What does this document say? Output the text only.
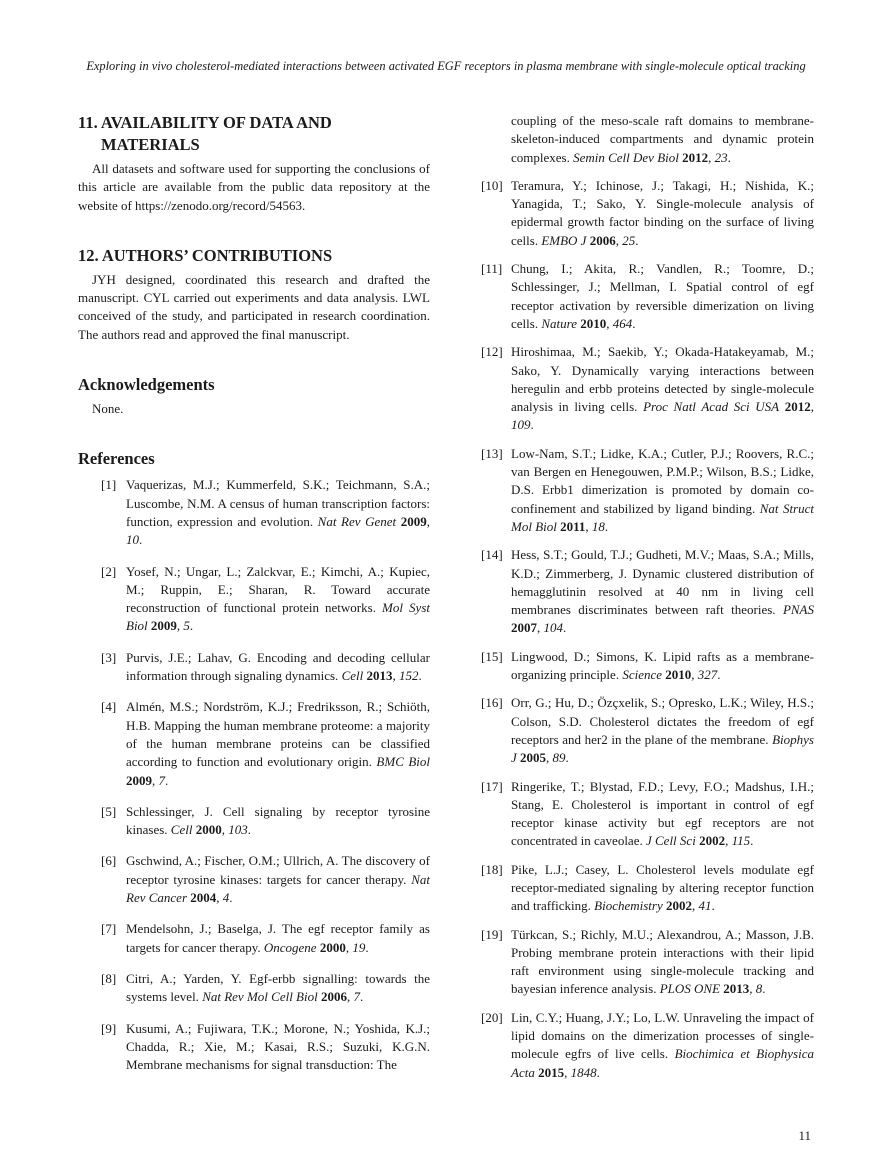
Exploring in vivo cholesterol-mediated interactions between activated EGF receptors in plasma membrane with single-molecule optical tracking
11. AVAILABILITY OF DATA AND MATERIALS

All datasets and software used for supporting the conclusions of this article are available from the public data repository at the website of https://zenodo.org/record/54563.

12. AUTHORS’ CONTRIBUTIONS

JYH designed, coordinated this research and drafted the manuscript. CYL carried out experiments and data analysis. LWL conceived of the study, and participated in research coordination. The authors read and approved the final manuscript.

Acknowledgements

None.

References
[1] Vaquerizas, M.J.; Kummerfeld, S.K.; Teichmann, S.A.; Luscombe, N.M. A census of human transcription factors: function, expression and evolution. Nat Rev Genet 2009, 10.
[2] Yosef, N.; Ungar, L.; Zalckvar, E.; Kimchi, A.; Kupiec, M.; Ruppin, E.; Sharan, R. Toward accurate reconstruction of functional protein networks. Mol Syst Biol 2009, 5.
[3] Purvis, J.E.; Lahav, G. Encoding and decoding cellular information through signaling dynamics. Cell 2013, 152.
[4] Almén, M.S.; Nordström, K.J.; Fredriksson, R.; Schiöth, H.B. Mapping the human membrane proteome: a majority of the human membrane proteins can be classified according to function and evolutionary origin. BMC Biol 2009, 7.
[5] Schlessinger, J. Cell signaling by receptor tyrosine kinases. Cell 2000, 103.
[6] Gschwind, A.; Fischer, O.M.; Ullrich, A. The discovery of receptor tyrosine kinases: targets for cancer therapy. Nat Rev Cancer 2004, 4.
[7] Mendelsohn, J.; Baselga, J. The egf receptor family as targets for cancer therapy. Oncogene 2000, 19.
[8] Citri, A.; Yarden, Y. Egf-erbb signalling: towards the systems level. Nat Rev Mol Cell Biol 2006, 7.
[9] Kusumi, A.; Fujiwara, T.K.; Morone, N.; Yoshida, K.J.; Chadda, R.; Xie, M.; Kasai, R.S.; Suzuki, K.G.N. Membrane mechanisms for signal transduction: The
coupling of the meso-scale raft domains to membrane-skeleton-induced compartments and dynamic protein complexes. Semin Cell Dev Biol 2012, 23.
[10] Teramura, Y.; Ichinose, J.; Takagi, H.; Nishida, K.; Yanagida, T.; Sako, Y. Single-molecule analysis of epidermal growth factor binding on the surface of living cells. EMBO J 2006, 25.
[11] Chung, I.; Akita, R.; Vandlen, R.; Toomre, D.; Schlessinger, J.; Mellman, I. Spatial control of egf receptor activation by reversible dimerization on living cells. Nature 2010, 464.
[12] Hiroshimaa, M.; Saekib, Y.; Okada-Hatakeyamab, M.; Sako, Y. Dynamically varying interactions between heregulin and erbb proteins detected by single-molecule analysis in living cells. Proc Natl Acad Sci USA 2012, 109.
[13] Low-Nam, S.T.; Lidke, K.A.; Cutler, P.J.; Roovers, R.C.; van Bergen en Henegouwen, P.M.P.; Wilson, B.S.; Lidke, D.S. Erbb1 dimerization is promoted by domain co-confinement and stabilized by ligand binding. Nat Struct Mol Biol 2011, 18.
[14] Hess, S.T.; Gould, T.J.; Gudheti, M.V.; Maas, S.A.; Mills, K.D.; Zimmerberg, J. Dynamic clustered distribution of hemagglutinin resolved at 40 nm in living cell membranes discriminates between raft theories. PNAS 2007, 104.
[15] Lingwood, D.; Simons, K. Lipid rafts as a membrane-organizing principle. Science 2010, 327.
[16] Orr, G.; Hu, D.; Özçxelik, S.; Opresko, L.K.; Wiley, H.S.; Colson, S.D. Cholesterol dictates the freedom of egf receptors and her2 in the plane of the membrane. Biophys J 2005, 89.
[17] Ringerike, T.; Blystad, F.D.; Levy, F.O.; Madshus, I.H.; Stang, E. Cholesterol is important in control of egf receptor kinase activity but egf receptors are not concentrated in caveolae. J Cell Sci 2002, 115.
[18] Pike, L.J.; Casey, L. Cholesterol levels modulate egf receptor-mediated signaling by altering receptor function and trafficking. Biochemistry 2002, 41.
[19] Türkcan, S.; Richly, M.U.; Alexandrou, A.; Masson, J.B. Probing membrane protein interactions with their lipid raft environment using single-molecule tracking and bayesian inference analysis. PLOS ONE 2013, 8.
[20] Lin, C.Y.; Huang, J.Y.; Lo, L.W. Unraveling the impact of lipid domains on the dimerization processes of single-molecule egfrs of live cells. Biochimica et Biophysica Acta 2015, 1848.
11
